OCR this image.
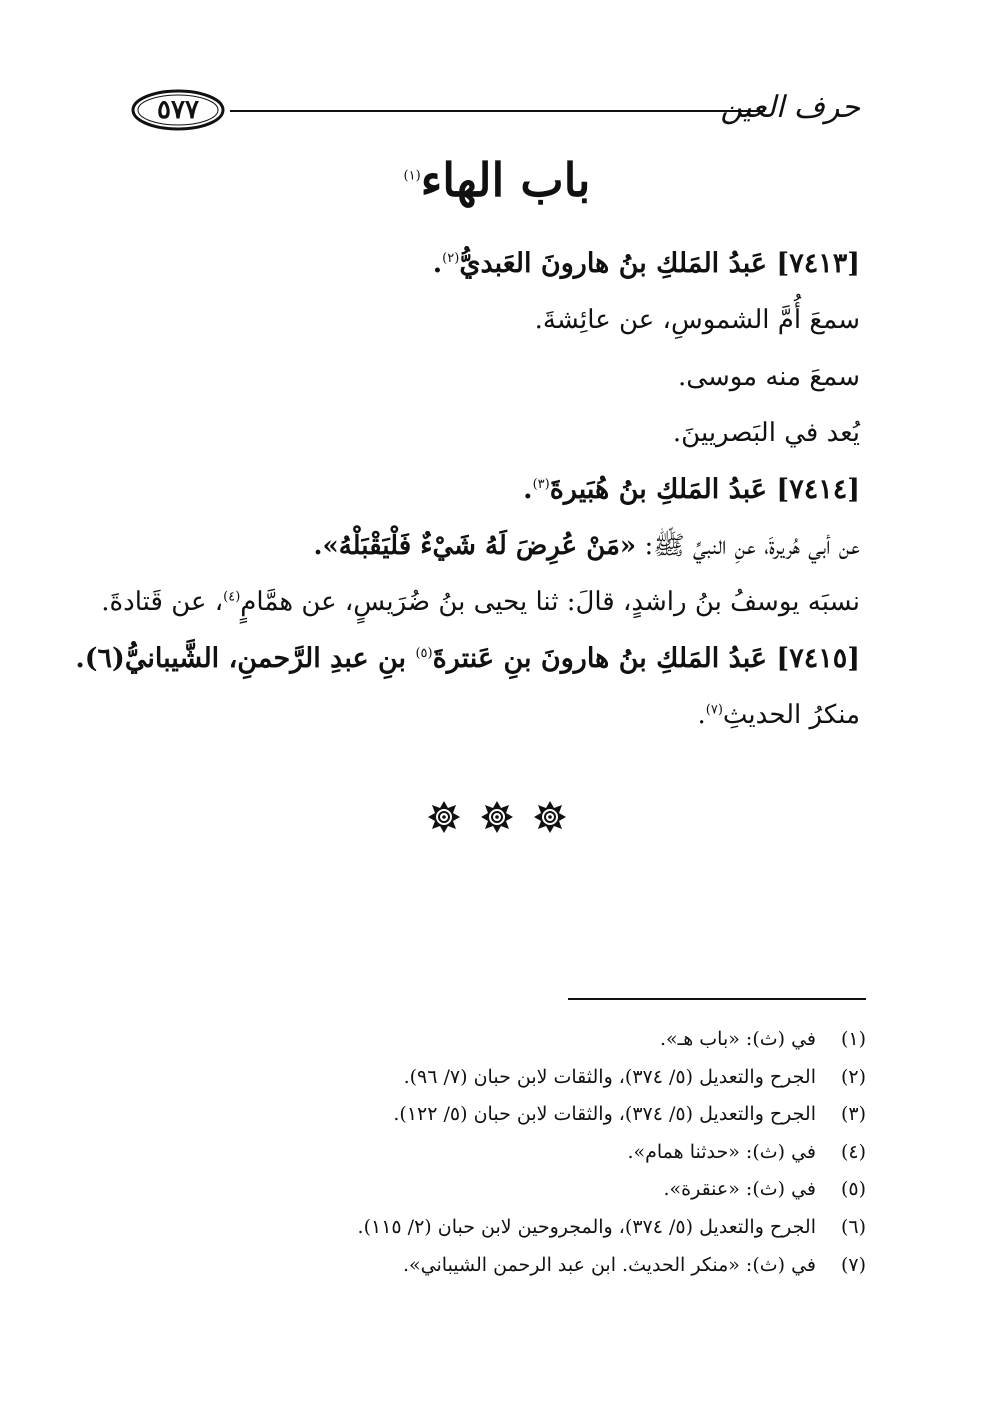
٥٧٧	حرف العين
باب الهاء$^{(١)}$
[٧٤١٣] عَبدُ المَلكِ بنُ هارونَ العَبديُّ$^{(٢)}$.
سمعَ أُمَّ الشموسِ، عن عائِشةَ.
سمعَ منه موسى.
يُعد في البَصريينَ.
[٧٤١٤] عَبدُ المَلكِ بنُ هُبَيرةَ$^{(٣)}$.
عن أبي هُريرةَ، عنِ النبيِّ ﷺ: «مَنْ عُرِضَ لَهُ شَيْءٌ فَلْيَقْبَلْهُ».
نسبَه يوسفُ بنُ راشدٍ، قالَ: ثنا يحيى بنُ ضُرَيسٍ، عن همَّامٍ$^{(٤)}$، عن قَتادةَ.
[٧٤١٥] عَبدُ المَلكِ بنُ هارونَ بنِ عَنترةَ$^{(٥)}$ بنِ عبدِ الرَّحمنِ، الشَّيبانيُّ(٦).
منكرُ الحديثِ$^{(٧)}$.

(١)في (ث): «باب هـ».
(٢)الجرح والتعديل (٥/ ٣٧٤)، والثقات لابن حبان (٧/ ٩٦).
(٣)الجرح والتعديل (٥/ ٣٧٤)، والثقات لابن حبان (٥/ ١٢٢).
(٤)في (ث): «حدثنا همام».
(٥)في (ث): «عنقرة».
(٦)الجرح والتعديل (٥/ ٣٧٤)، والمجروحين لابن حبان (٢/ ١١٥).
(٧)في (ث): «منكر الحديث. ابن عبد الرحمن الشيباني».
